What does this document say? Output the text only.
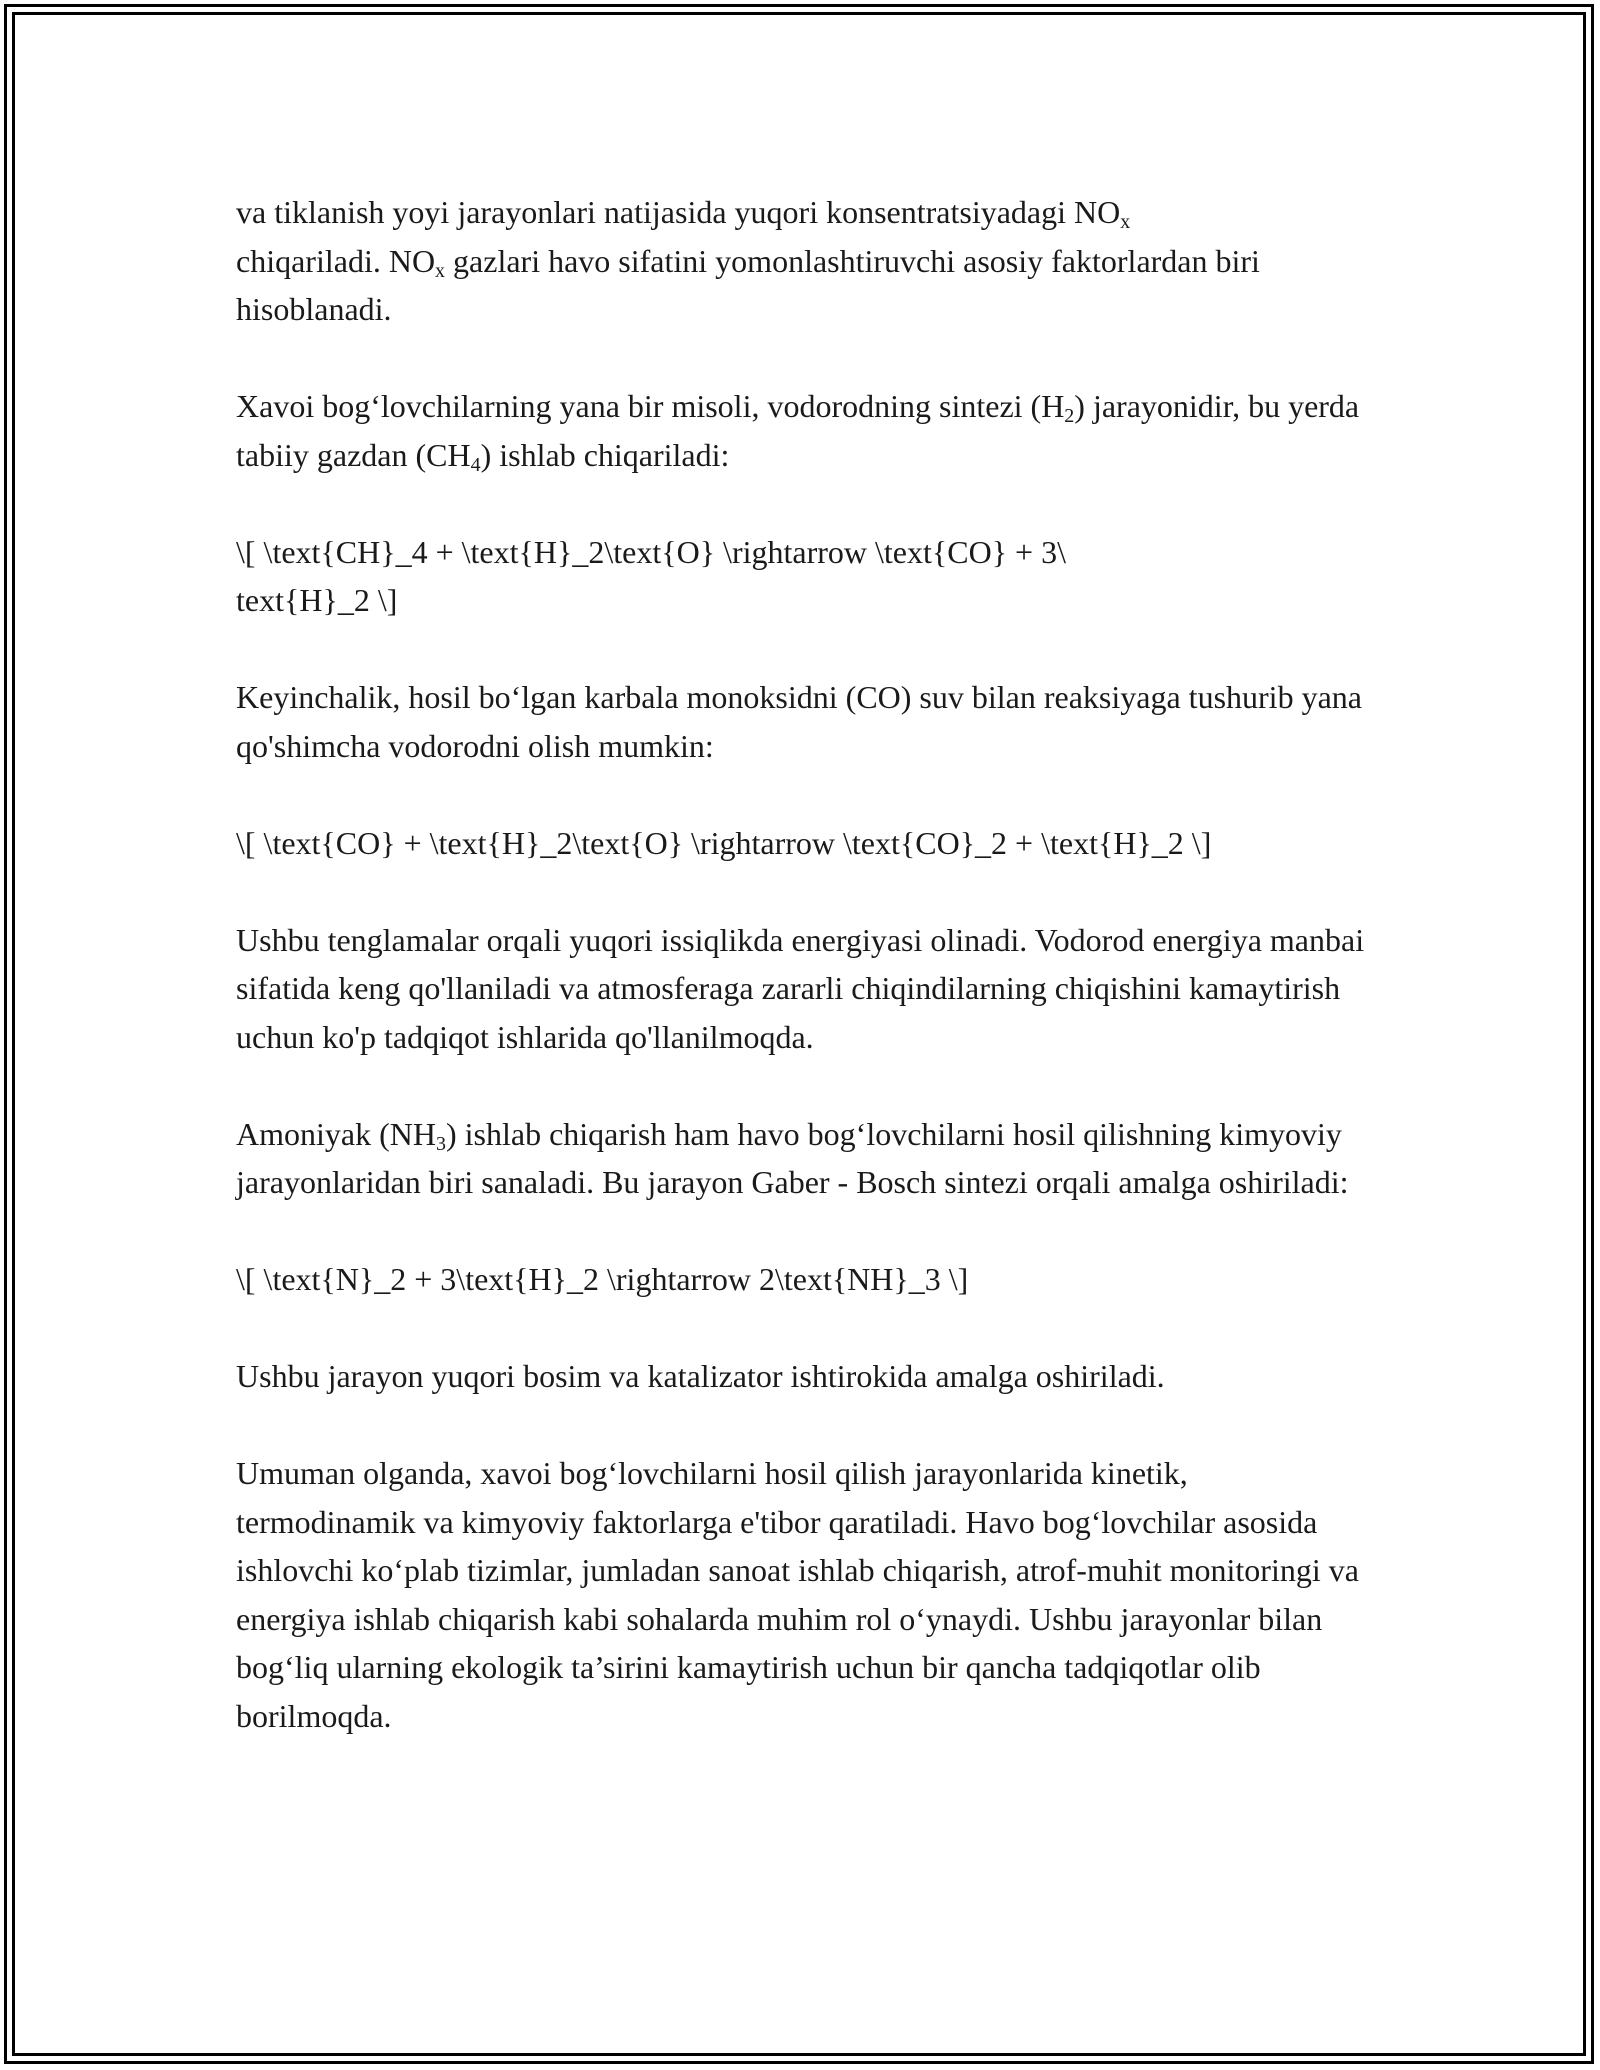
va tiklanish yoyi jarayonlari natijasida yuqori konsentratsiyadagi $NO_x$
chiqariladi. $NO_x$ gazlari havo sifatini yomonlashtiruvchi asosiy faktorlardan biri hisoblanadi.

Xavoi bog‘lovchilarning yana bir misoli, vodorodning sintezi $(H_2)$ jarayonidir, bu yerda tabiiy gazdan $(CH_4)$ ishlab chiqariladi:

\[ \text{CH}_4 + \text{H}_2\text{O} \rightarrow \text{CO} + 3\
text{H}_2 \]

Keyinchalik, hosil bo‘lgan karbala monoksidni (CO) suv bilan reaksiyaga tushurib yana qo'shimcha vodorodni olish mumkin:

\[ \text{CO} + \text{H}_2\text{O} \rightarrow \text{CO}_2 + \text{H}_2 \]

Ushbu tenglamalar orqali yuqori issiqlikda energiyasi olinadi. Vodorod energiya manbai sifatida keng qo'llaniladi va atmosferaga zararli chiqindilarning chiqishini kamaytirish uchun ko'p tadqiqot ishlarida qo'llanilmoqda.

Amoniyak $(NH_3)$ ishlab chiqarish ham havo bog‘lovchilarni hosil qilishning kimyoviy jarayonlaridan biri sanaladi. Bu jarayon Gaber - Bosch sintezi orqali amalga oshiriladi:

\[ \text{N}_2 + 3\text{H}_2 \rightarrow 2\text{NH}_3 \]

Ushbu jarayon yuqori bosim va katalizator ishtirokida amalga oshiriladi.

Umuman olganda, xavoi bog‘lovchilarni hosil qilish jarayonlarida kinetik, termodinamik va kimyoviy faktorlarga e'tibor qaratiladi. Havo bog‘lovchilar asosida ishlovchi ko‘plab tizimlar, jumladan sanoat ishlab chiqarish, atrof-muhit monitoringi va energiya ishlab chiqarish kabi sohalarda muhim rol o‘ynaydi. Ushbu jarayonlar bilan bog‘liq ularning ekologik ta’sirini kamaytirish uchun bir qancha tadqiqotlar olib borilmoqda.
